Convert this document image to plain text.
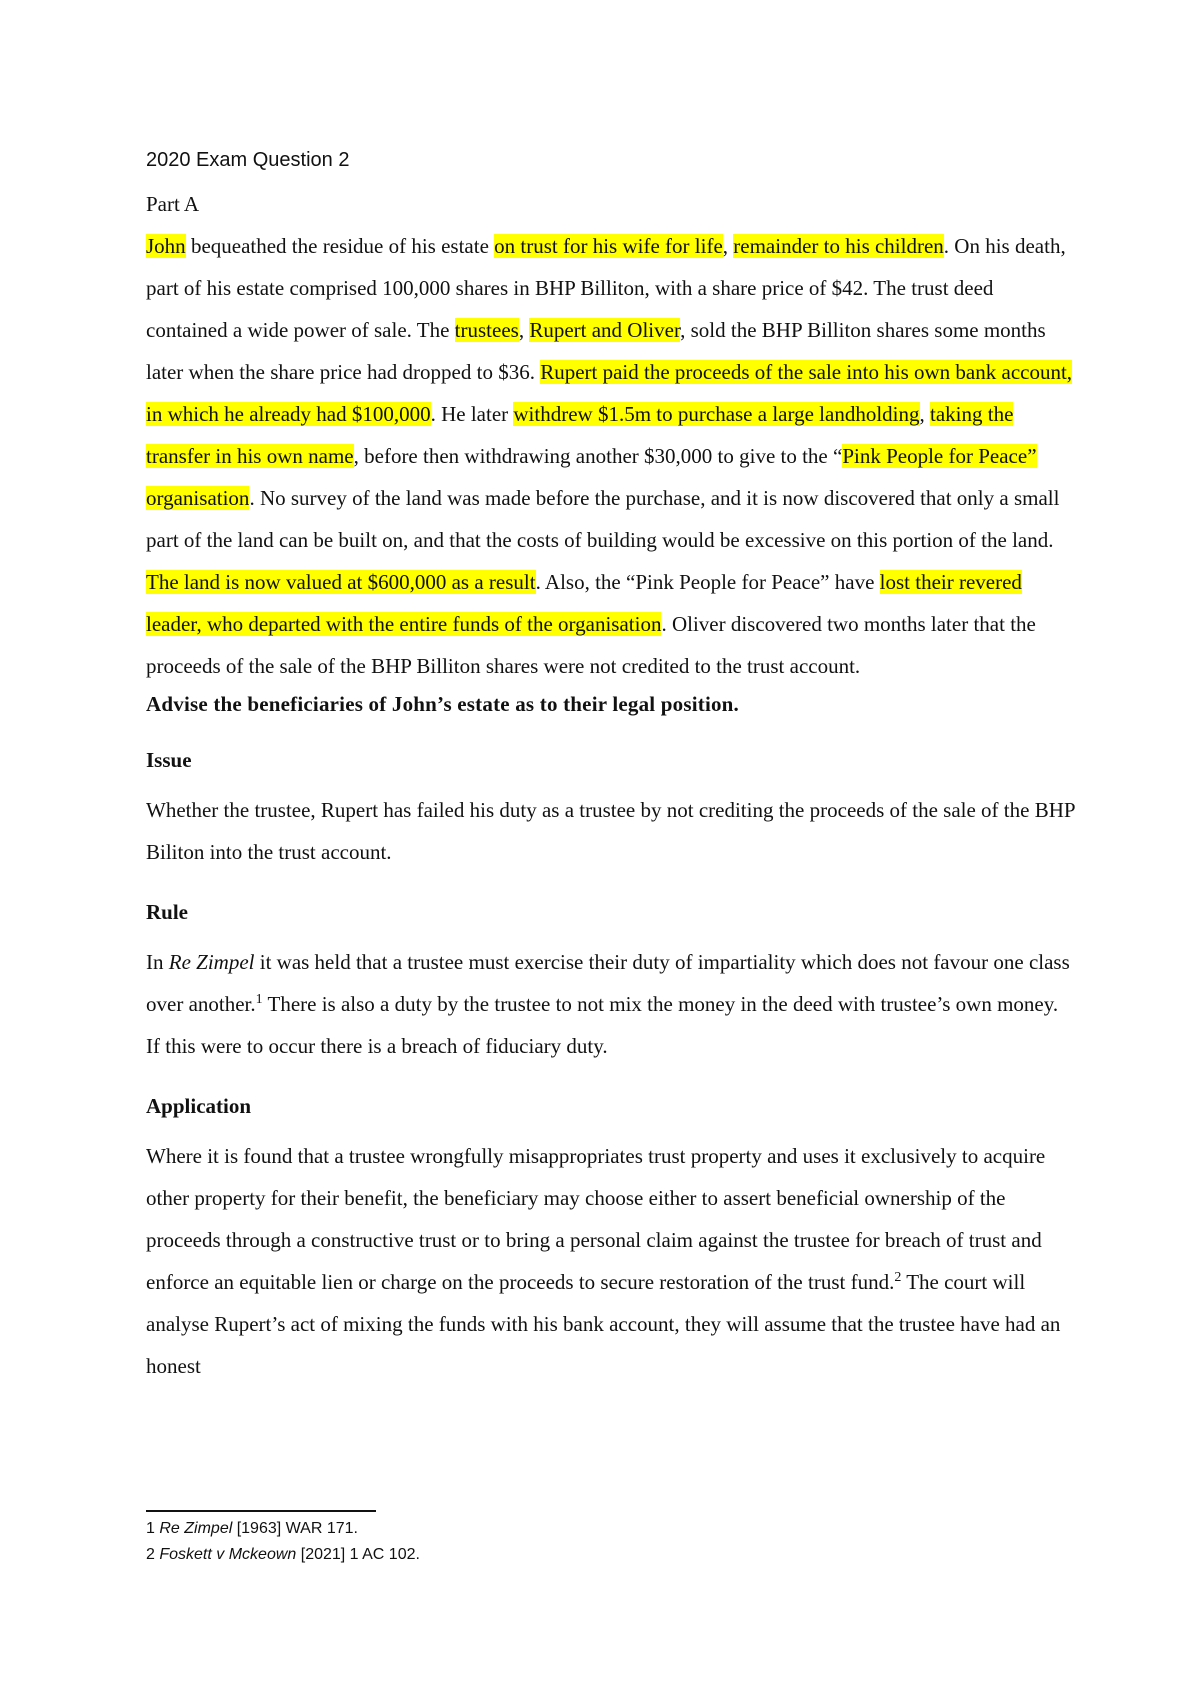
2020 Exam Question 2

Part A

John bequeathed the residue of his estate on trust for his wife for life, remainder to his children. On his death, part of his estate comprised 100,000 shares in BHP Billiton, with a share price of $42. The trust deed contained a wide power of sale. The trustees, Rupert and Oliver, sold the BHP Billiton shares some months later when the share price had dropped to $36. Rupert paid the proceeds of the sale into his own bank account, in which he already had $100,000. He later withdrew $1.5m to purchase a large landholding, taking the transfer in his own name, before then withdrawing another $30,000 to give to the “Pink People for Peace” organisation. No survey of the land was made before the purchase, and it is now discovered that only a small part of the land can be built on, and that the costs of building would be excessive on this portion of the land. The land is now valued at $600,000 as a result. Also, the “Pink People for Peace” have lost their revered leader, who departed with the entire funds of the organisation. Oliver discovered two months later that the proceeds of the sale of the BHP Billiton shares were not credited to the trust account.

Advise the beneficiaries of John’s estate as to their legal position.

Issue

Whether the trustee, Rupert has failed his duty as a trustee by not crediting the proceeds of the sale of the BHP Biliton into the trust account.

Rule

In Re Zimpel it was held that a trustee must exercise their duty of impartiality which does not favour one class over another.$^1$ There is also a duty by the trustee to not mix the money in the deed with trustee’s own money. If this were to occur there is a breach of fiduciary duty.

Application

Where it is found that a trustee wrongfully misappropriates trust property and uses it exclusively to acquire other property for their benefit, the beneficiary may choose either to assert beneficial ownership of the proceeds through a constructive trust or to bring a personal claim against the trustee for breach of trust and enforce an equitable lien or charge on the proceeds to secure restoration of the trust fund.$^2$ The court will analyse Rupert’s act of mixing the funds with his bank account, they will assume that the trustee have had an honest

1 Re Zimpel [1963] WAR 171.

2 Foskett v Mckeown [2021] 1 AC 102.
